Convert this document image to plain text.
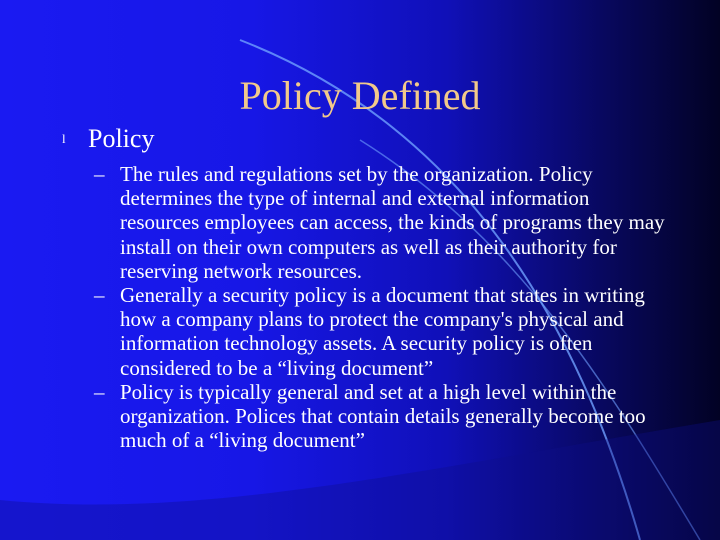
Policy Defined
l Policy
– The rules and regulations set by the organization. Policy determines the type of internal and external information resources employees can access, the kinds of programs they may install on their own computers as well as their authority for reserving network resources.
– Generally a security policy is a document that states in writing how a company plans to protect the company's physical and information technology assets. A security policy is often considered to be a “living document”
– Policy is typically general and set at a high level within the organization. Polices that contain details generally become too much of a “living document”
